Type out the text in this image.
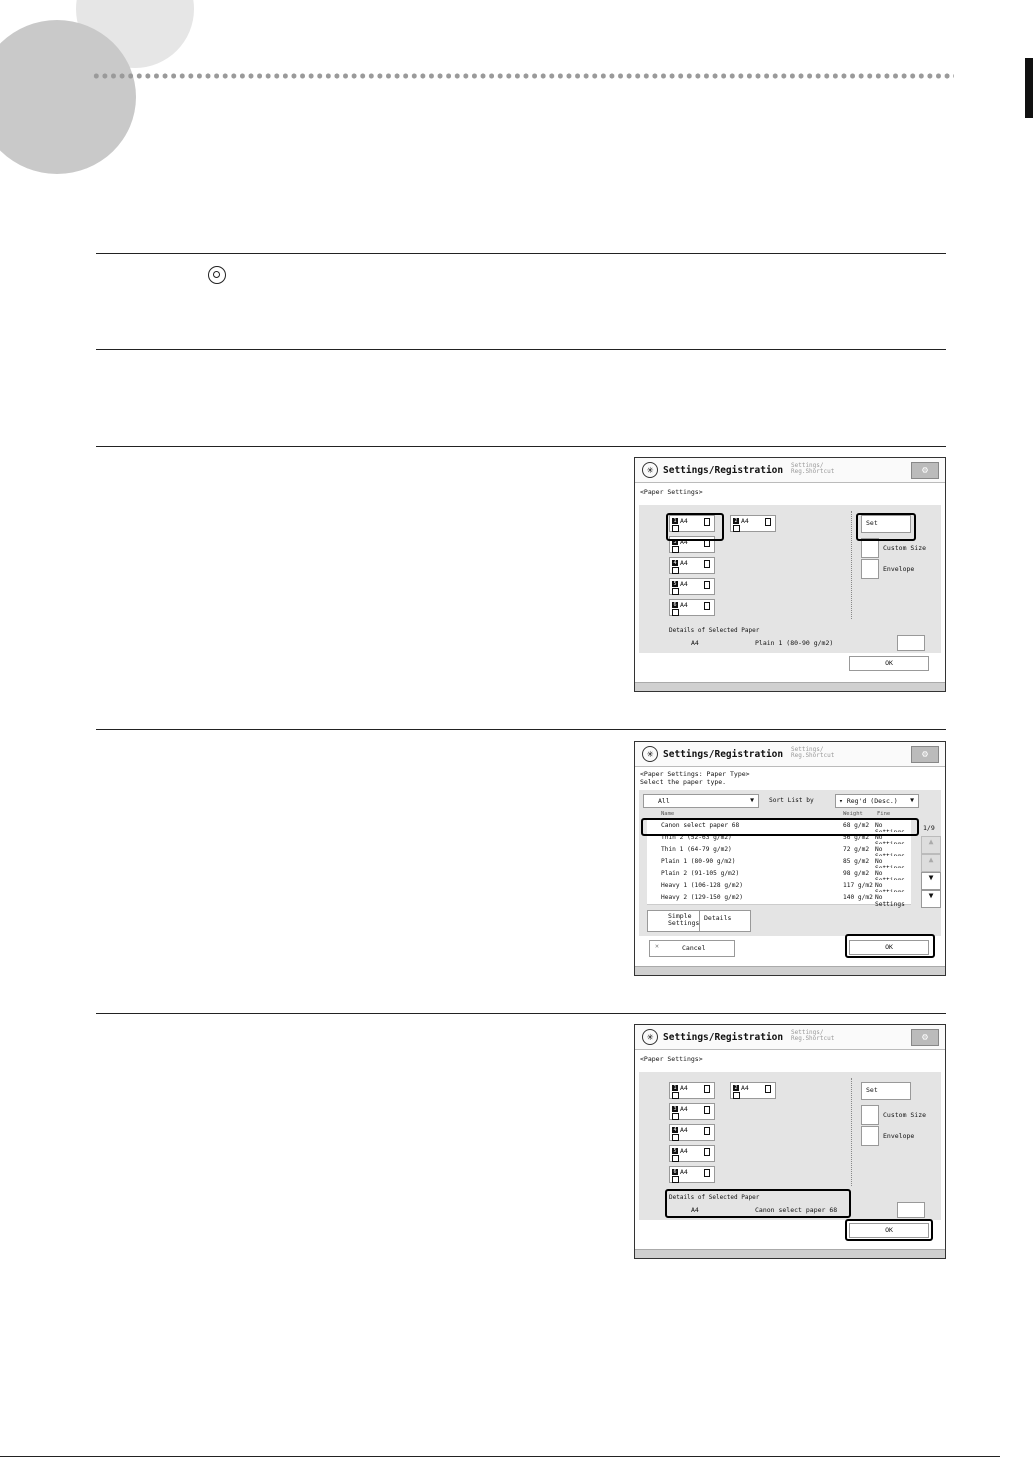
✳	Settings/Registration Settings/ Reg.Shortcut	⚙
<Paper Settings>
1 A4	2 A4
3 A4
4 A4
5 A4
6 A4
Set
Custom Size
Envelope
Details of Selected Paper
A4	Plain 1 (80-90 g/m2)
OK
✳	Settings/Registration Settings/ Reg.Shortcut	⚙
<Paper Settings: Paper Type>
Select the paper type.
All	▼ Sort List by	▾ Reg'd (Desc.) ▼
Name	Weight	Fine
Canon select paper 68	68 g/m2 No
Thin 2 (52-63 g/m2)	56 g/m2 No
Thin 1 (64-79 g/m2)	72 g/m2 No
Plain 1 (80-90 g/m2)	85 g/m2 No
Plain 2 (91-105 g/m2)	98 g/m2 No
Heavy 1 (106-128 g/m2)	117 g/m2 No
Heavy 2 (129-150 g/m2)	140 g/m2 No Settings
1/9
▲
▲
▼
▼
Simple Settings
Details
✕	Cancel	OK
✳	Settings/Registration Settings/ Reg.Shortcut	⚙
<Paper Settings>
1 A4	2 A4
3 A4
4 A4
5 A4
6 A4
Set
Custom Size
Envelope
Details of Selected Paper
A4	Canon select paper 68
OK
